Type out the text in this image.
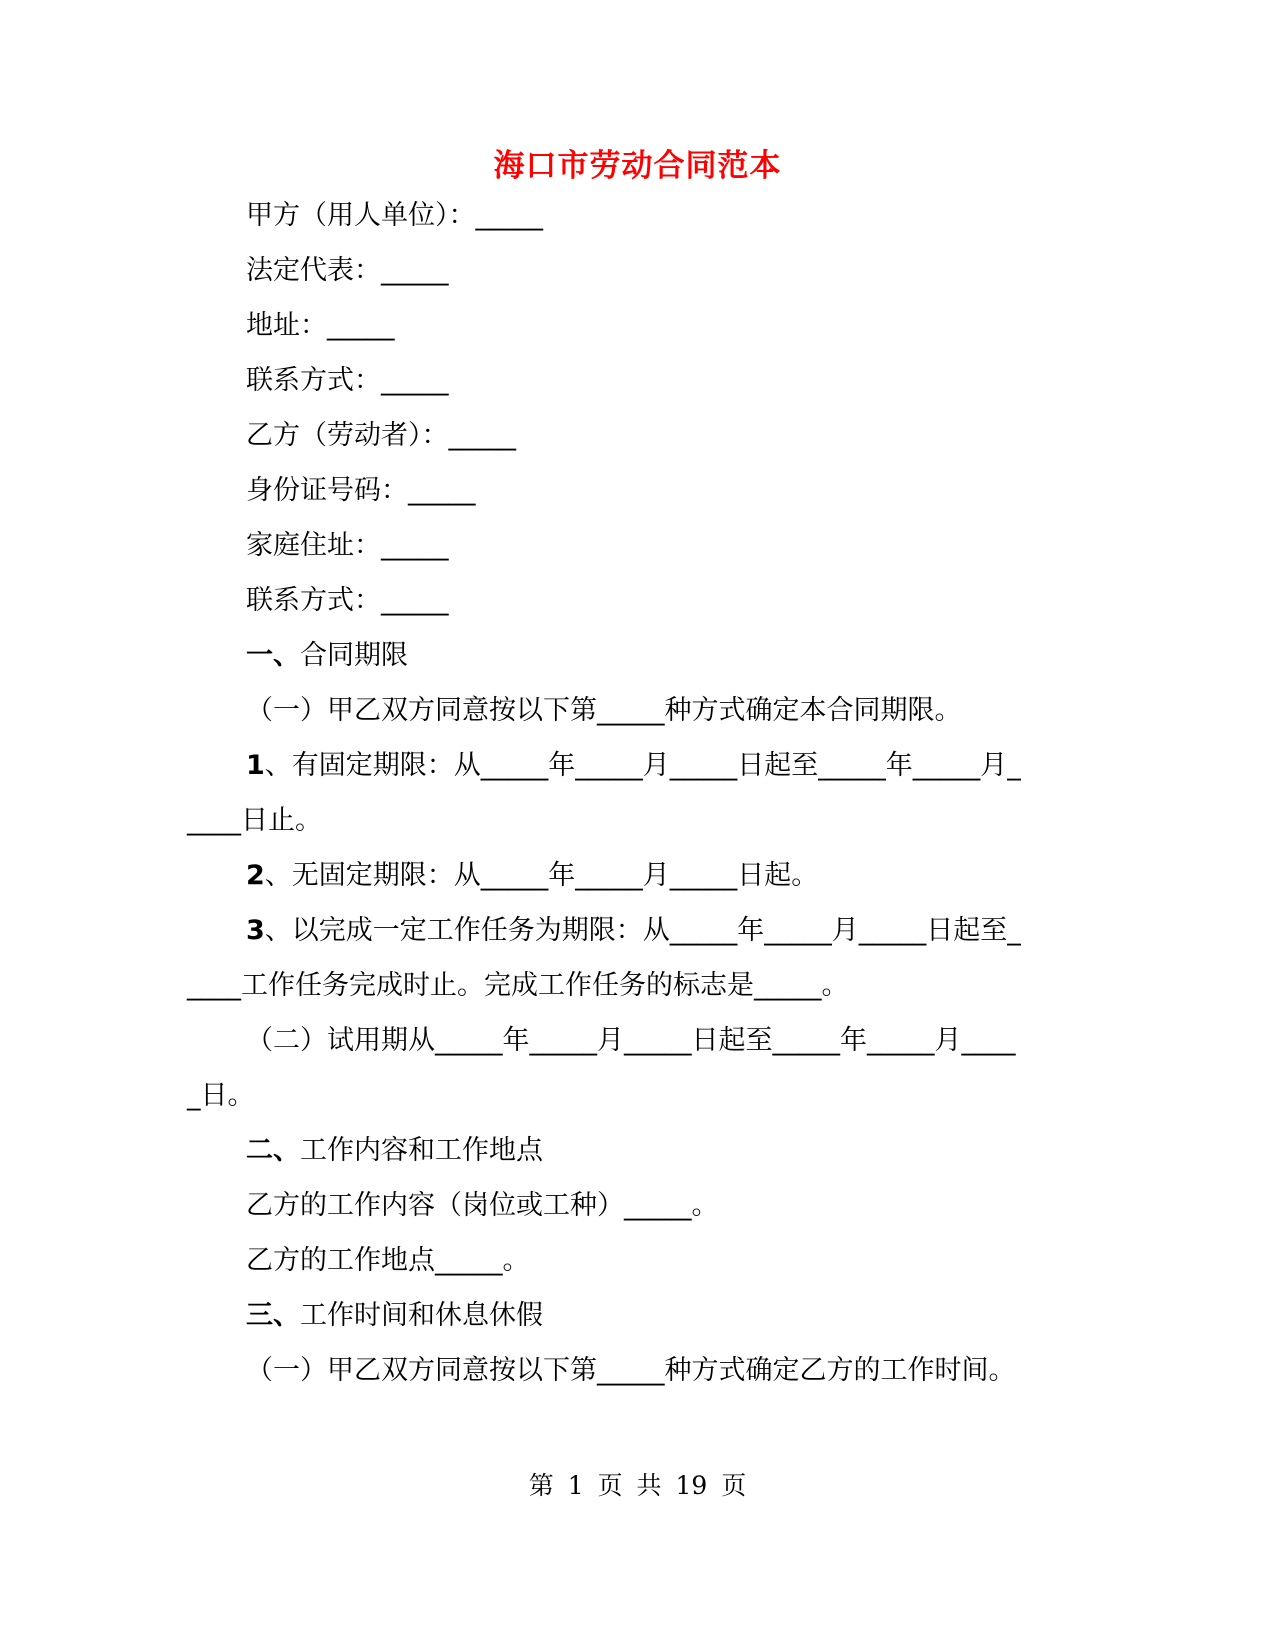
海口市劳动合同范本
甲方（用人单位）：_____
法定代表：_____
地址：_____
联系方式：_____
乙方（劳动者）：_____
身份证号码：_____
家庭住址：_____
联系方式：_____
一、合同期限
（一）甲乙双方同意按以下第_____种方式确定本合同期限。
1、有固定期限：从_____年_____月_____日起至_____年_____月_
____日止。
2、无固定期限：从_____年_____月_____日起。
3、以完成一定工作任务为期限：从_____年_____月_____日起至_
____工作任务完成时止。完成工作任务的标志是_____。
（二）试用期从_____年_____月_____日起至_____年_____月____
_日。
二、工作内容和工作地点
乙方的工作内容（岗位或工种）_____。
乙方的工作地点_____。
三、工作时间和休息休假
（一）甲乙双方同意按以下第_____种方式确定乙方的工作时间。
第 1 页 共 19 页
